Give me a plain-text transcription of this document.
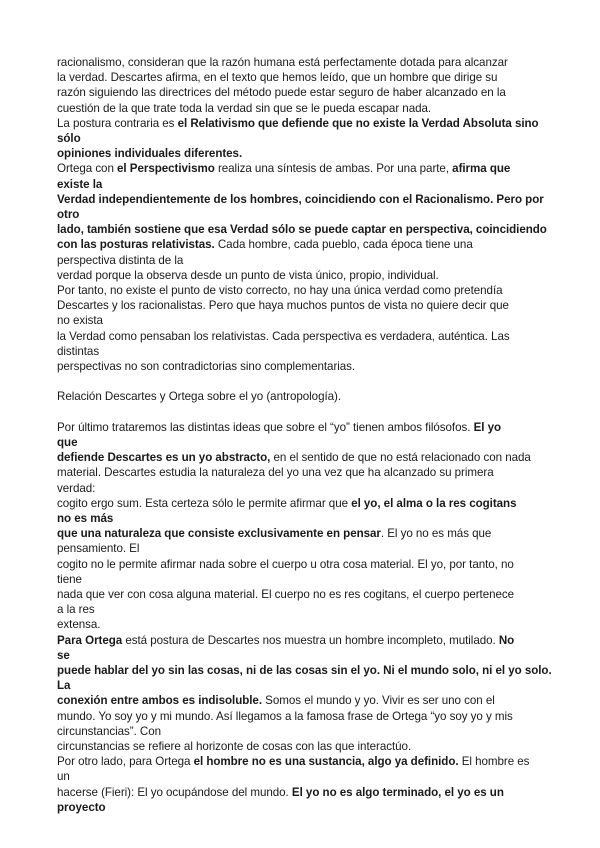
racionalismo, consideran que la razón humana está perfectamente dotada para alcanzar
la verdad. Descartes afirma, en el texto que hemos leído, que un hombre que dirige su
razón siguiendo las directrices del método puede estar seguro de haber alcanzado en la
cuestión de la que trate toda la verdad sin que se le pueda escapar nada.
La postura contraria es el Relativismo que defiende que no existe la Verdad Absoluta sino
sólo
opiniones individuales diferentes.
Ortega con el Perspectivismo realiza una síntesis de ambas. Por una parte, afirma que
existe la
Verdad independientemente de los hombres, coincidiendo con el Racionalismo. Pero por
otro
lado, también sostiene que esa Verdad sólo se puede captar en perspectiva, coincidiendo
con las posturas relativistas. Cada hombre, cada pueblo, cada época tiene una
perspectiva distinta de la
verdad porque la observa desde un punto de vista único, propio, individual.
Por tanto, no existe el punto de visto correcto, no hay una única verdad como pretendía
Descartes y los racionalistas. Pero que haya muchos puntos de vista no quiere decir que
no exista
la Verdad como pensaban los relativistas. Cada perspectiva es verdadera, auténtica. Las
distintas
perspectivas no son contradictorias sino complementarias.
Relación Descartes y Ortega sobre el yo (antropología).
Por último trataremos las distintas ideas que sobre el “yo” tienen ambos filósofos. El yo
que
defiende Descartes es un yo abstracto, en el sentido de que no está relacionado con nada
material. Descartes estudia la naturaleza del yo una vez que ha alcanzado su primera
verdad:
cogito ergo sum. Esta certeza sólo le permite afirmar que el yo, el alma o la res cogitans
no es más
que una naturaleza que consiste exclusivamente en pensar. El yo no es más que
pensamiento. El
cogito no le permite afirmar nada sobre el cuerpo u otra cosa material. El yo, por tanto, no
tiene
nada que ver con cosa alguna material. El cuerpo no es res cogitans, el cuerpo pertenece
a la res
extensa.
Para Ortega está postura de Descartes nos muestra un hombre incompleto, mutilado. No
se
puede hablar del yo sin las cosas, ni de las cosas sin el yo. Ni el mundo solo, ni el yo solo.
La
conexión entre ambos es indisoluble. Somos el mundo y yo. Vivir es ser uno con el
mundo. Yo soy yo y mi mundo. Así llegamos a la famosa frase de Ortega “yo soy yo y mis
circunstancias”. Con
circunstancias se refiere al horizonte de cosas con las que interactúo.
Por otro lado, para Ortega el hombre no es una sustancia, algo ya definido. El hombre es
un
hacerse (Fieri): El yo ocupándose del mundo. El yo no es algo terminado, el yo es un
proyecto
